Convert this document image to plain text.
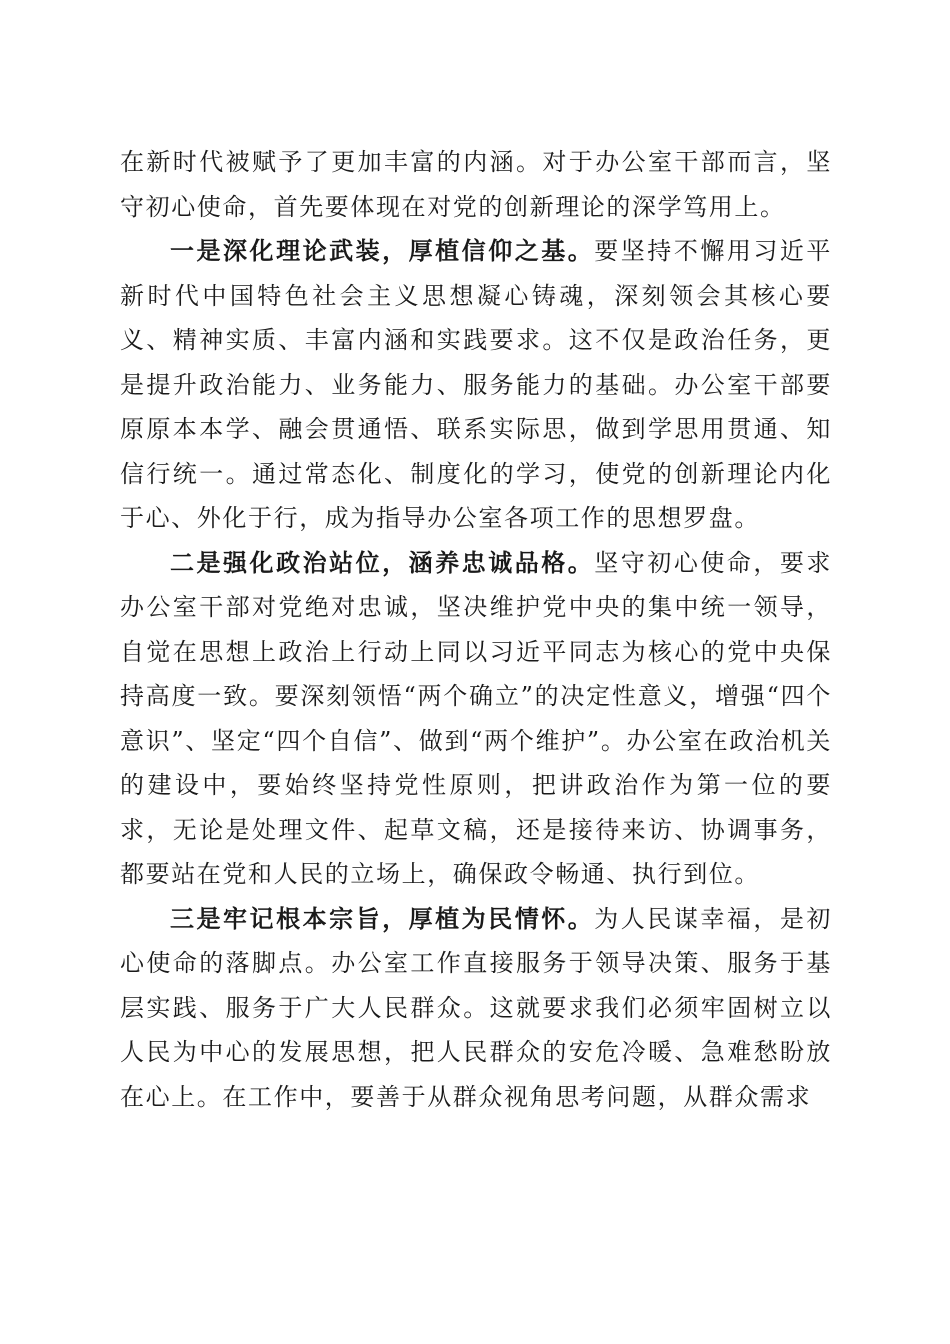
在新时代被赋予了更加丰富的内涵。对于办公室干部而言，坚守初心使命，首先要体现在对党的创新理论的深学笃用上。

一是深化理论武装，厚植信仰之基。要坚持不懈用习近平新时代中国特色社会主义思想凝心铸魂，深刻领会其核心要义、精神实质、丰富内涵和实践要求。这不仅是政治任务，更是提升政治能力、业务能力、服务能力的基础。办公室干部要原原本本学、融会贯通悟、联系实际思，做到学思用贯通、知信行统一。通过常态化、制度化的学习，使党的创新理论内化于心、外化于行，成为指导办公室各项工作的思想罗盘。

二是强化政治站位，涵养忠诚品格。坚守初心使命，要求办公室干部对党绝对忠诚，坚决维护党中央的集中统一领导，自觉在思想上政治上行动上同以习近平同志为核心的党中央保持高度一致。要深刻领悟“两个确立”的决定性意义，增强“四个意识”、坚定“四个自信”、做到“两个维护”。办公室在政治机关的建设中，要始终坚持党性原则，把讲政治作为第一位的要求，无论是处理文件、起草文稿，还是接待来访、协调事务，都要站在党和人民的立场上，确保政令畅通、执行到位。

三是牢记根本宗旨，厚植为民情怀。为人民谋幸福，是初心使命的落脚点。办公室工作直接服务于领导决策、服务于基层实践、服务于广大人民群众。这就要求我们必须牢固树立以人民为中心的发展思想，把人民群众的安危冷暖、急难愁盼放在心上。在工作中，要善于从群众视角思考问题，从群众需求
